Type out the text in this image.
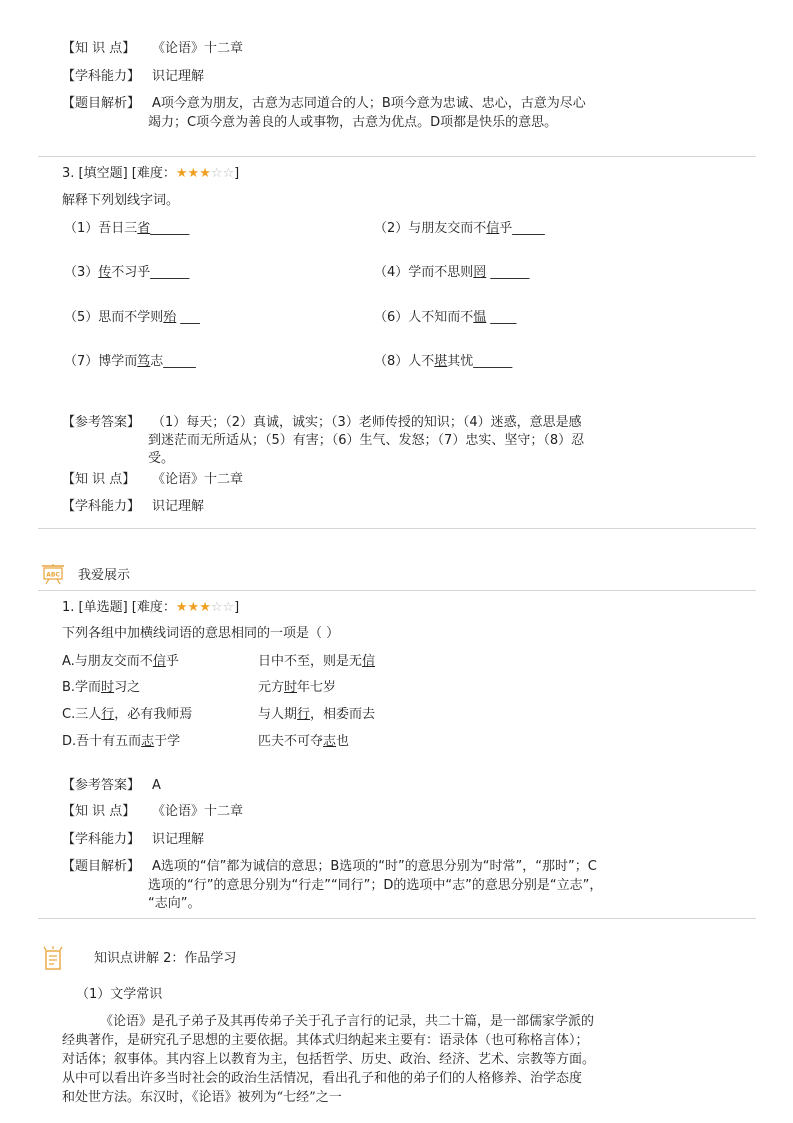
【知 识 点】	《论语》十二章
【学科能力】 识记理解
【题目解析】 A项今意为朋友，古意为志同道合的人；B项今意为忠诚、忠心，古意为尽心
竭力；C项今意为善良的人或事物，古意为优点。D项都是快乐的意思。
3. [填空题] [难度：★★★☆☆]
解释下列划线字词。
（1）吾日三省______	（2）与朋友交而不信乎_____
（3）传不习乎______	（4）学而不思则罔 ______
（5）思而不学则殆 ___	（6）人不知而不愠 ____
（7）博学而笃志_____	（8）人不堪其忧______
【参考答案】 （1）每天；（2）真诚，诚实；（3）老师传授的知识；（4）迷惑，意思是感
到迷茫而无所适从；（5）有害；（6）生气、发怒；（7）忠实、坚守；（8）忍
受。
【知 识 点】	《论语》十二章
【学科能力】 识记理解
ABC 我爱展示
1. [单选题] [难度：★★★☆☆]
下列各组中加横线词语的意思相同的一项是（ ）
A.与朋友交而不信乎	日中不至，则是无信
B.学而时习之	元方时年七岁
C.三人行，必有我师焉	与人期行，相委而去
D.吾十有五而志于学	匹夫不可夺志也
【参考答案】 A
【知 识 点】	《论语》十二章
【学科能力】 识记理解
【题目解析】 A选项的“信”都为诚信的意思；B选项的“时”的意思分别为“时常”，“那时”；C
选项的“行”的意思分别为“行走”“同行”；D的选项中“志”的意思分别是“立志”，
“志向”。
知识点讲解 2：作品学习
（1）文学常识
《论语》是孔子弟子及其再传弟子关于孔子言行的记录，共二十篇，是一部儒家学派的
经典著作，是研究孔子思想的主要依据。其体式归纳起来主要有：语录体（也可称格言体）；
对话体；叙事体。其内容上以教育为主，包括哲学、历史、政治、经济、艺术、宗教等方面。
从中可以看出许多当时社会的政治生活情况，看出孔子和他的弟子们的人格修养、治学态度
和处世方法。东汉时，《论语》被列为“七经”之一
